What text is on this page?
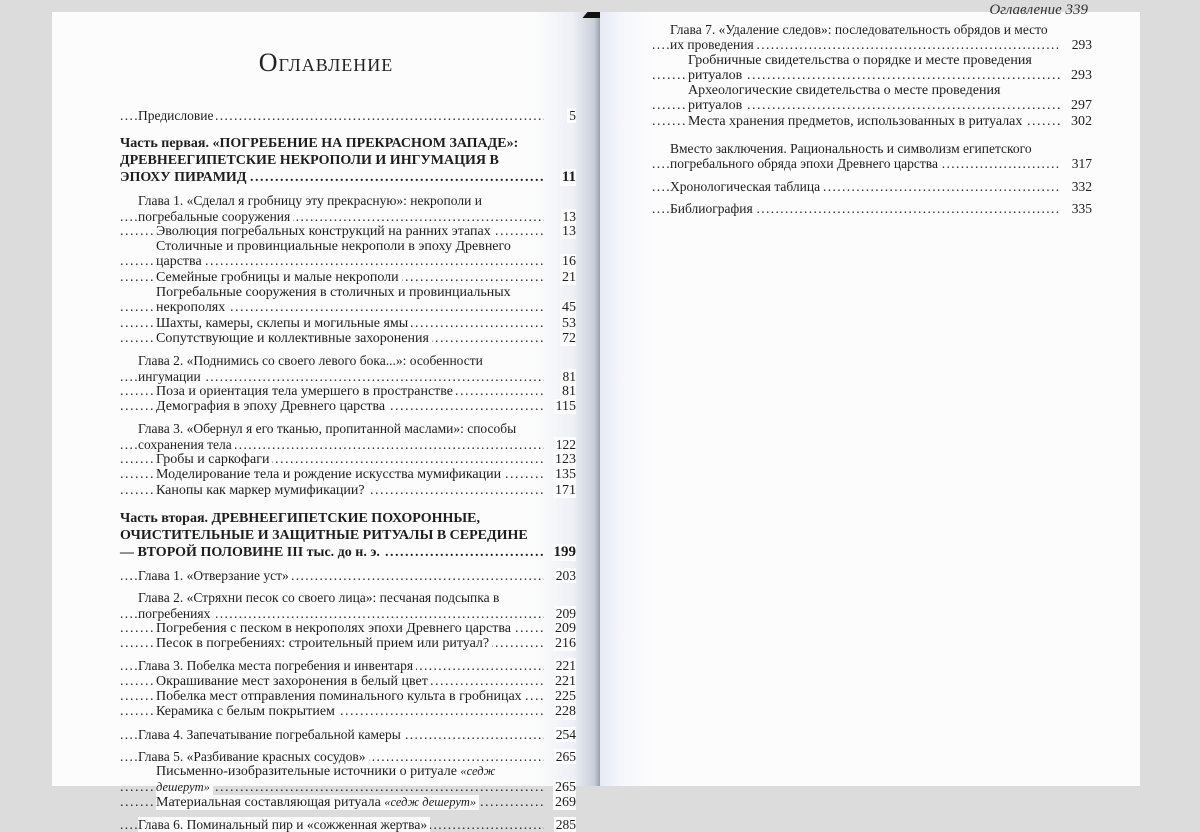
Оглавление
Предисловие	5
. . .
Часть первая. «ПОГРЕБЕНИЕ НА ПРЕКРАСНОМ ЗАПАДЕ»: ДРЕВНЕЕГИПЕТСКИЕ НЕКРОПОЛИ И ИНГУМАЦИЯ В ЭПОХУ ПИРАМИД	11
. . .
Глава 1. «Сделал я гробницу эту прекрасную»: некрополи и погребальные сооружения	13
. . .
Эволюция погребальных конструкций на ранних этапах	13
. . .
Столичные и провинциальные некрополи в эпоху Древнего царства	16
. . .
Семейные гробницы и малые некрополи	21
. . .
Погребальные сооружения в столичных и провинциальных некрополях	45
. . .
Шахты, камеры, склепы и могильные ямы	53
. . .
Сопутствующие и коллективные захоронения	72
. . .
Глава 2. «Поднимись со своего левого бока...»: особенности ингумации	81
. . .
Поза и ориентация тела умершего в пространстве	81
. . .
Демография в эпоху Древнего царства	115
. . .
Глава 3. «Обернул я его тканью, пропитанной маслами»: способы сохранения тела	122
. . .
Гробы и саркофаги	123
. . .
Моделирование тела и рождение искусства мумификации	135
. . .
Канопы как маркер мумификации?	171
. . .
Часть вторая. ДРЕВНЕЕГИПЕТСКИЕ ПОХОРОННЫЕ, ОЧИСТИТЕЛЬНЫЕ И ЗАЩИТНЫЕ РИТУАЛЫ В СЕРЕДИНЕ — ВТОРОЙ ПОЛОВИНЕ III тыс. до н. э.	199
. . .
Глава 1. «Отверзание уст»	203
. . .
Глава 2. «Стряхни песок со своего лица»: песчаная подсыпка в погребениях	209
. . .
Погребения с песком в некрополях эпохи Древнего царства	209
. . .
Песок в погребениях: строительный прием или ритуал?	216
. . .
Глава 3. Побелка места погребения и инвентаря	221
. . .
Окрашивание мест захоронения в белый цвет	221
. . .
Побелка мест отправления поминального культа в гробницах 225
. . .
Керамика с белым покрытием	228
. . .
Глава 4. Запечатывание погребальной камеры	254
. . .
Глава 5. «Разбивание красных сосудов»	265
. . .
Письменно-изобразительные источники о ритуале «седж дешерут»	265
. . .
Материальная составляющая ритуала «седж дешерут»	269
. . .
Глава 6. Поминальный пир и «сожженная жертва»	285
. . .
Оглавление 339
Глава 7. «Удаление следов»: последовательность обрядов и место их проведения	293
. . .
Гробничные свидетельства о порядке и месте проведения ритуалов	293
. . .
Археологические свидетельства о месте проведения ритуалов	297
. . .
Места хранения предметов, использованных в ритуалах	302
. . .
Вместо заключения. Рациональность и символизм египетского погребального обряда эпохи Древнего царства	317
. . .
Хронологическая таблица	332
. . .
Библиография	335
. . .
